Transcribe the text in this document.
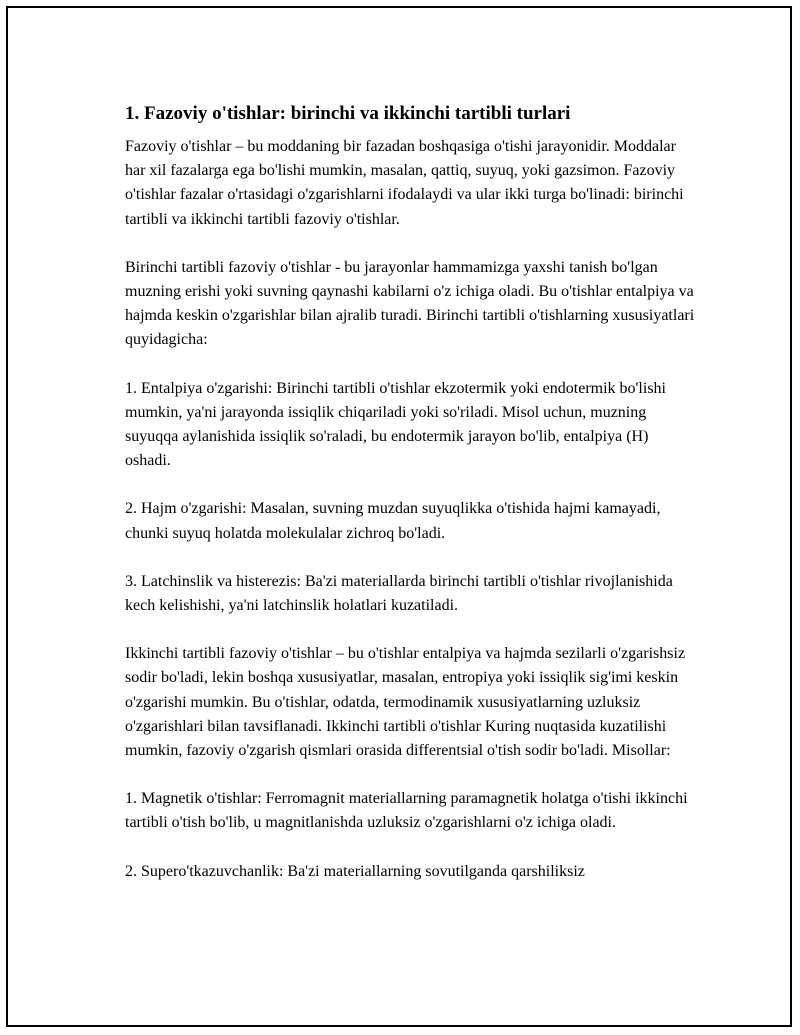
1. Fazoviy o'tishlar: birinchi va ikkinchi tartibli turlari

Fazoviy o'tishlar – bu moddaning bir fazadan boshqasiga o'tishi jarayonidir. Moddalar har xil fazalarga ega bo'lishi mumkin, masalan, qattiq, suyuq, yoki gazsimon. Fazoviy o'tishlar fazalar o'rtasidagi o'zgarishlarni ifodalaydi va ular ikki turga bo'linadi: birinchi tartibli va ikkinchi tartibli fazoviy o'tishlar.

Birinchi tartibli fazoviy o'tishlar - bu jarayonlar hammamizga yaxshi tanish bo'lgan muzning erishi yoki suvning qaynashi kabilarni o'z ichiga oladi. Bu o'tishlar entalpiya va hajmda keskin o'zgarishlar bilan ajralib turadi. Birinchi tartibli o'tishlarning xususiyatlari quyidagicha:

1. Entalpiya o'zgarishi: Birinchi tartibli o'tishlar ekzotermik yoki endotermik bo'lishi mumkin, ya'ni jarayonda issiqlik chiqariladi yoki so'riladi. Misol uchun, muzning suyuqqa aylanishida issiqlik so'raladi, bu endotermik jarayon bo'lib, entalpiya (H) oshadi.

2. Hajm o'zgarishi: Masalan, suvning muzdan suyuqlikka o'tishida hajmi kamayadi, chunki suyuq holatda molekulalar zichroq bo'ladi.

3. Latchinslik va histerezis: Ba'zi materiallarda birinchi tartibli o'tishlar rivojlanishida kech kelishishi, ya'ni latchinslik holatlari kuzatiladi.

Ikkinchi tartibli fazoviy o'tishlar – bu o'tishlar entalpiya va hajmda sezilarli o'zgarishsiz sodir bo'ladi, lekin boshqa xususiyatlar, masalan, entropiya yoki issiqlik sig'imi keskin o'zgarishi mumkin. Bu o'tishlar, odatda, termodinamik xususiyatlarning uzluksiz o'zgarishlari bilan tavsiflanadi. Ikkinchi tartibli o'tishlar Kuring nuqtasida kuzatilishi mumkin, fazoviy o'zgarish qismlari orasida differentsial o'tish sodir bo'ladi. Misollar:

1. Magnetik o'tishlar: Ferromagnit materiallarning paramagnetik holatga o'tishi ikkinchi tartibli o'tish bo'lib, u magnitlanishda uzluksiz o'zgarishlarni o'z ichiga oladi.

2. Supero'tkazuvchanlik: Ba'zi materiallarning sovutilganda qarshiliksiz
